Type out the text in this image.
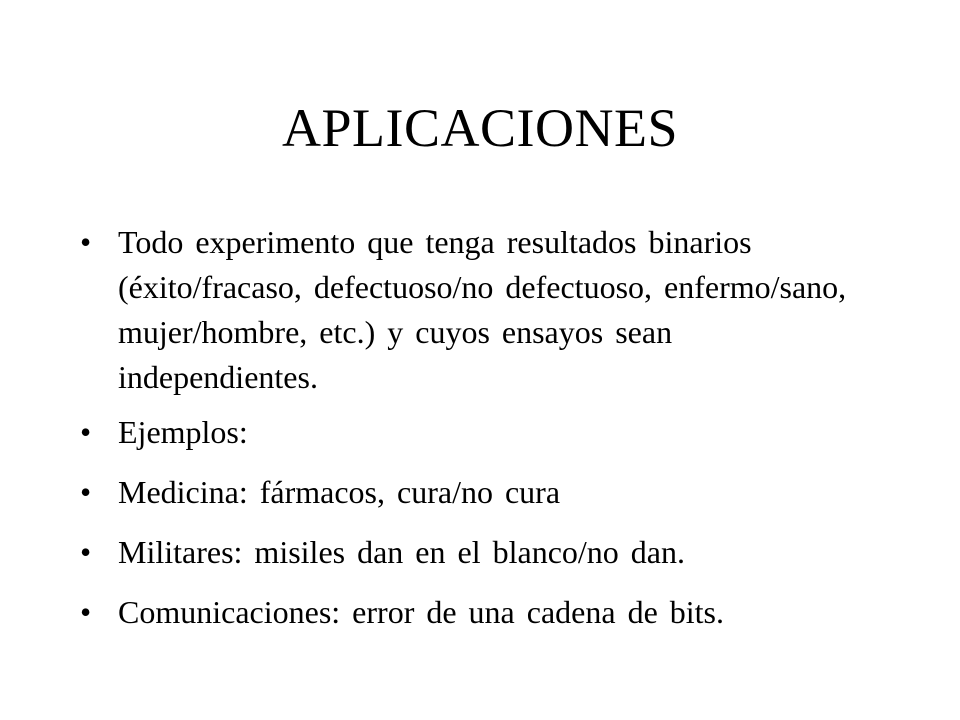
APLICACIONES
• Todo experimento que tenga resultados binarios (éxito/fracaso, defectuoso/no defectuoso, enfermo/sano, mujer/hombre, etc.) y cuyos ensayos sean independientes.
• Ejemplos:
• Medicina: fármacos, cura/no cura
• Militares: misiles dan en el blanco/no dan.
• Comunicaciones: error de una cadena de bits.
